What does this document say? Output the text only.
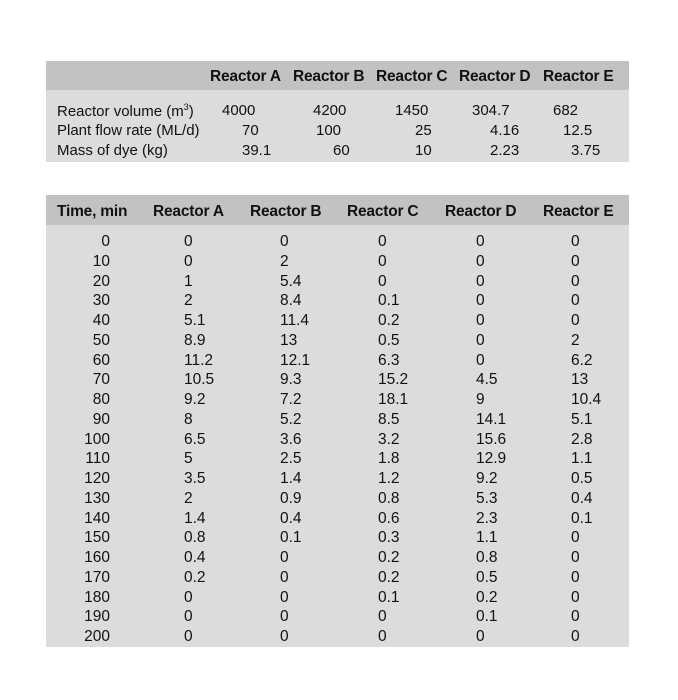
Reactor A Reactor B Reactor C Reactor D Reactor E
Reactor volume $(m^3)$ 4000	4200	1450	304.7	682
Plant flow rate (ML/d)	70	100	25	4.16	12.5
Mass of dye (kg)	39.1	60	10	2.23	3.75
Time, min Reactor A Reactor B Reactor C Reactor D Reactor E
0	0	0	0	0	0
10	0	2	0	0	0
20	1	5.4	0	0	0
30	2	8.4	0.1	0	0
40	5.1	11.4	0.2	0	0
50	8.9	13	0.5	0	2
60	11.2	12.1	6.3	0	6.2
70	10.5	9.3	15.2	4.5	13
80	9.2	7.2	18.1	9	10.4
90	8	5.2	8.5	14.1	5.1
100	6.5	3.6	3.2	15.6	2.8
110	5	2.5	1.8	12.9	1.1
120	3.5	1.4	1.2	9.2	0.5
130	2	0.9	0.8	5.3	0.4
140	1.4	0.4	0.6	2.3	0.1
150	0.8	0.1	0.3	1.1	0
160	0.4	0	0.2	0.8	0
170	0.2	0	0.2	0.5	0
180	0	0	0.1	0.2	0
190	0	0	0	0.1	0
200	0	0	0	0	0
